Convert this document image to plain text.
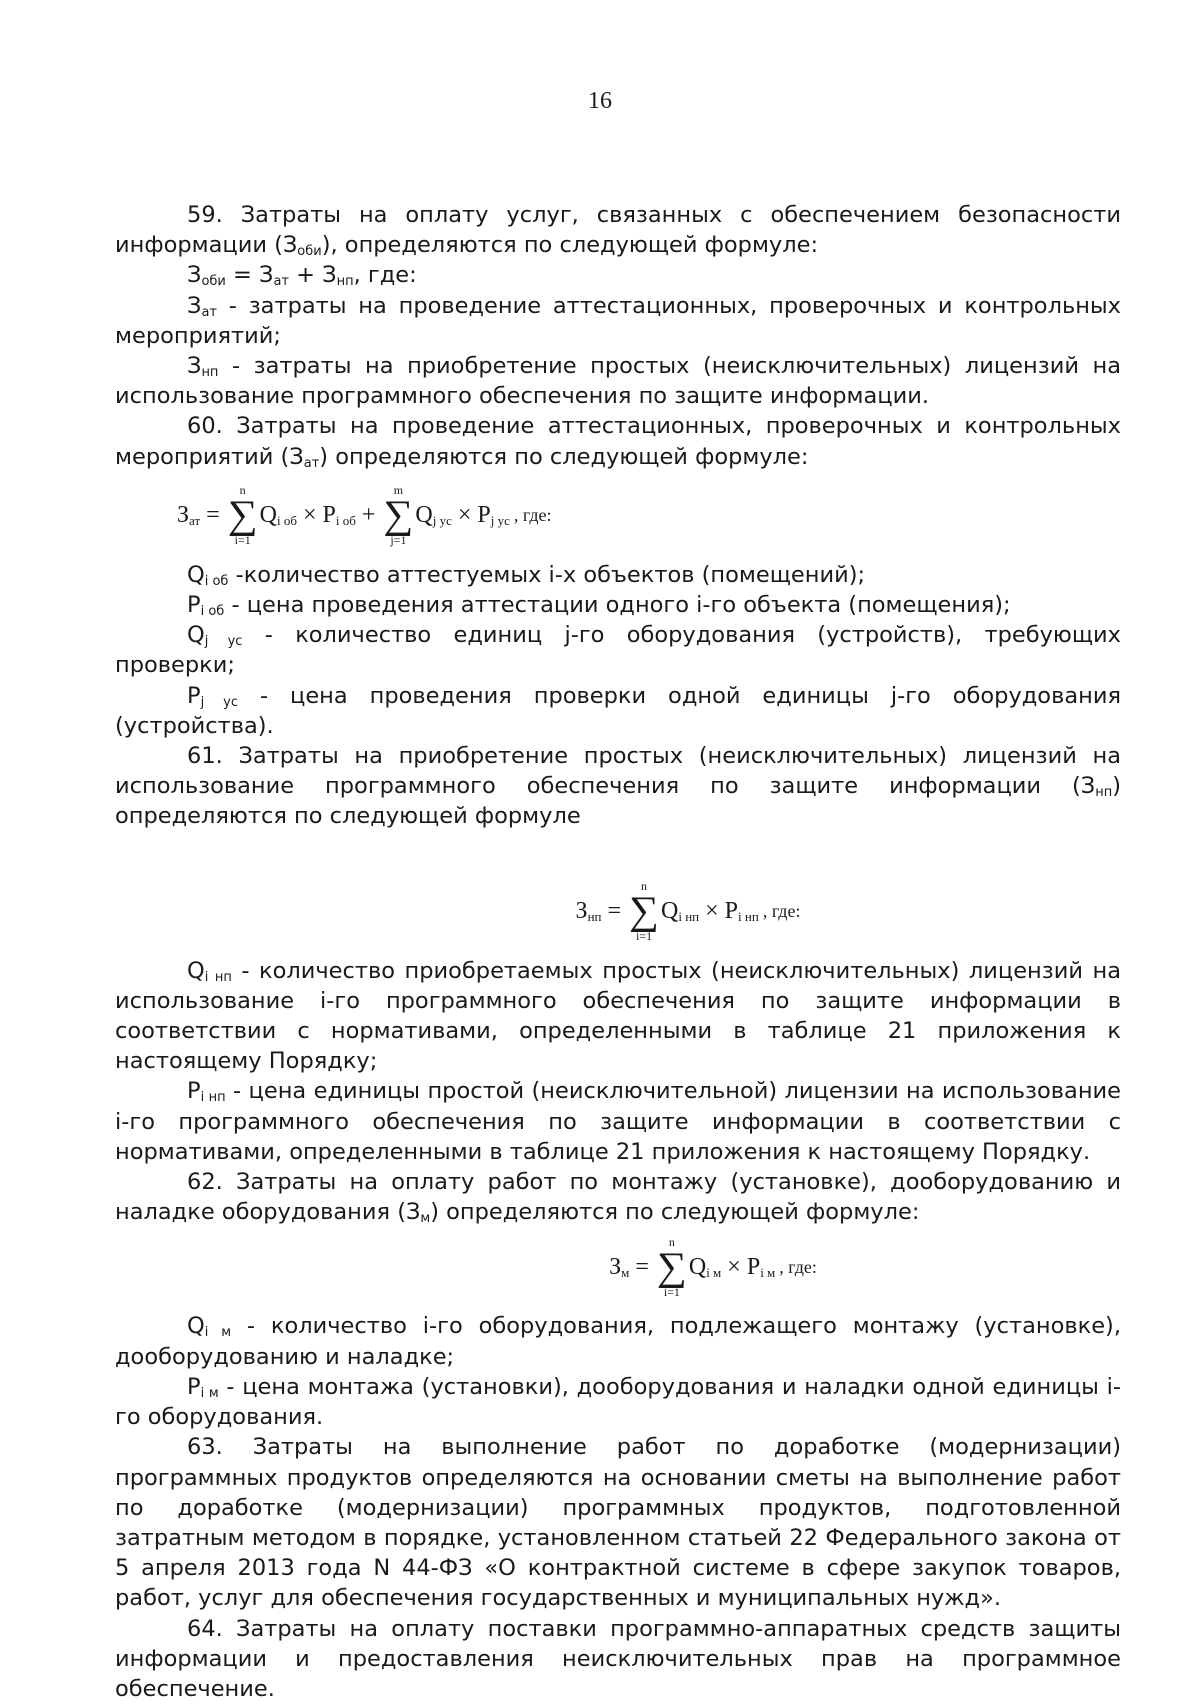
16

59. Затраты на оплату услуг, связанных с обеспечением безопасности информации $(З_{оби})$, определяются по следующей формуле:

$З_{оби} = З_{ат} + З_{нп}$, где:

$З_{ат}$ - затраты на проведение аттестационных, проверочных и контрольных мероприятий;

$З_{нп}$ - затраты на приобретение простых (неисключительных) лицензий на использование программного обеспечения по защите информации.

60. Затраты на проведение аттестационных, проверочных и контрольных мероприятий $(З_{ат})$ определяются по следующей формуле:

$З_{ат}$ =
n
∑
i=1
$Q_{i об} \times P_{i об}$ +
m
∑
j=1
$Q_{j ус} \times P_{j ус}$ , где:

$Q_{i об}$ -количество аттестуемых i-х объектов (помещений);

$P_{i об}$ - цена проведения аттестации одного i-го объекта (помещения);

$Q_{j ус}$ - количество единиц j-го оборудования (устройств), требующих проверки;

$P_{j ус}$ - цена проведения проверки одной единицы j-го оборудования (устройства).

61. Затраты на приобретение простых (неисключительных) лицензий на использование программного обеспечения по защите информации $(З_{нп})$ определяются по следующей формуле

$З_{нп}$ =
n
∑
i=1
$Q_{i нп} \times P_{i нп}$ , где:

$Q_{i нп}$ - количество приобретаемых простых (неисключительных) лицензий на использование i-го программного обеспечения по защите информации в соответствии с нормативами, определенными в таблице 21 приложения к настоящему Порядку;

$P_{i нп}$ - цена единицы простой (неисключительной) лицензии на использование i-го программного обеспечения по защите информации в соответствии с нормативами, определенными в таблице 21 приложения к настоящему Порядку.

62. Затраты на оплату работ по монтажу (установке), дооборудованию и наладке оборудования $(З_м)$ определяются по следующей формуле:

$З_м$ =
n
∑
i=1
$Q_{i м} \times P_{i м}$ , где:

$Q_{i м}$ - количество i-го оборудования, подлежащего монтажу (установке), дооборудованию и наладке;

$P_{i м}$ - цена монтажа (установки), дооборудования и наладки одной единицы i-го оборудования.

63. Затраты на выполнение работ по доработке (модернизации) программных продуктов определяются на основании сметы на выполнение работ по доработке (модернизации) программных продуктов, подготовленной затратным методом в порядке, установленном статьей 22 Федерального закона от 5 апреля 2013 года N 44-ФЗ «О контрактной системе в сфере закупок товаров, работ, услуг для обеспечения государственных и муниципальных нужд».

64. Затраты на оплату поставки программно-аппаратных средств защиты информации и предоставления неисключительных прав на программное обеспечение.
